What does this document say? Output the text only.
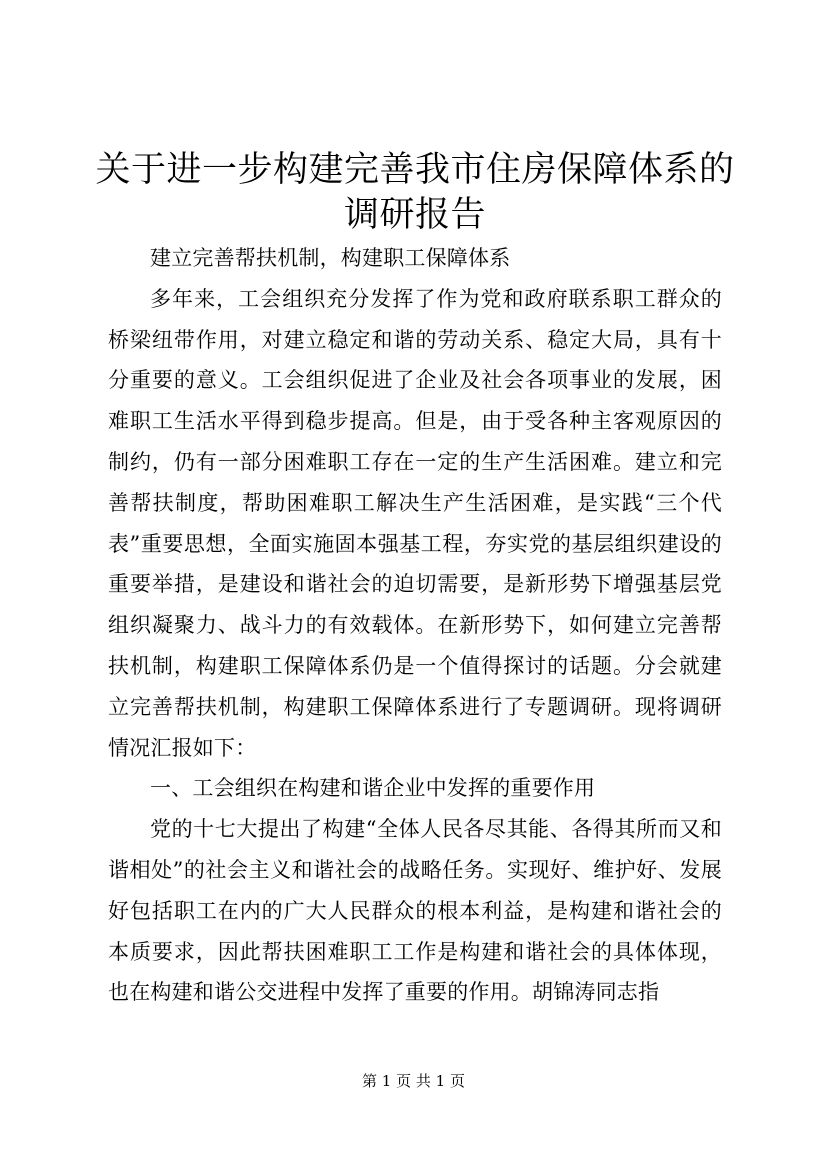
关于进一步构建完善我市住房保障体系的调研报告

建立完善帮扶机制，构建职工保障体系

多年来，工会组织充分发挥了作为党和政府联系职工群众的桥梁纽带作用，对建立稳定和谐的劳动关系、稳定大局，具有十分重要的意义。工会组织促进了企业及社会各项事业的发展，困难职工生活水平得到稳步提高。但是，由于受各种主客观原因的制约，仍有一部分困难职工存在一定的生产生活困难。建立和完善帮扶制度，帮助困难职工解决生产生活困难，是实践“三个代表”重要思想，全面实施固本强基工程，夯实党的基层组织建设的重要举措，是建设和谐社会的迫切需要，是新形势下增强基层党组织凝聚力、战斗力的有效载体。在新形势下，如何建立完善帮扶机制，构建职工保障体系仍是一个值得探讨的话题。分会就建立完善帮扶机制，构建职工保障体系进行了专题调研。现将调研情况汇报如下：

一、工会组织在构建和谐企业中发挥的重要作用

党的十七大提出了构建“全体人民各尽其能、各得其所而又和谐相处”的社会主义和谐社会的战略任务。实现好、维护好、发展好包括职工在内的广大人民群众的根本利益，是构建和谐社会的本质要求，因此帮扶困难职工工作是构建和谐社会的具体体现，也在构建和谐公交进程中发挥了重要的作用。胡锦涛同志指

第 1 页 共 1 页
